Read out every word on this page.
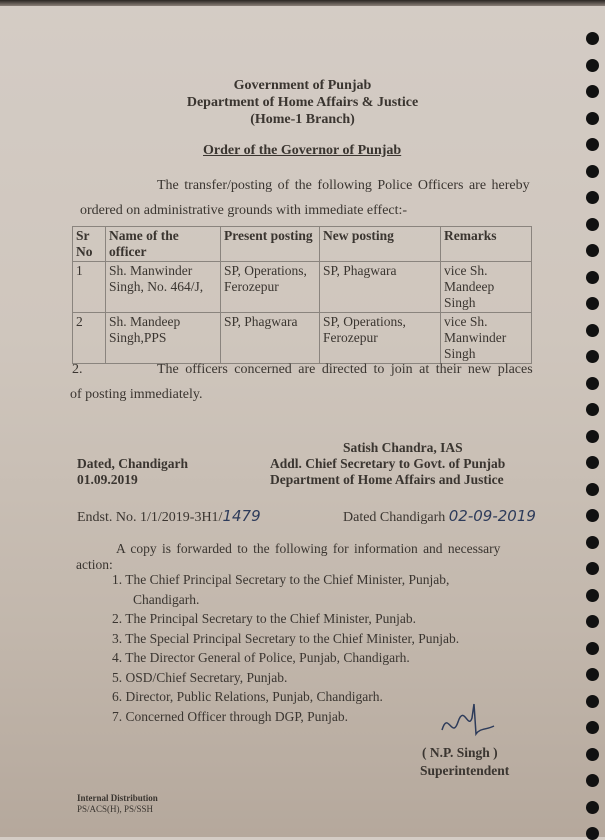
Government of Punjab
Department of Home Affairs & Justice
(Home-1 Branch)
Order of the Governor of Punjab
The transfer/posting of the following Police Officers are hereby
ordered on administrative grounds with immediate effect:-
Sr No	Name of the officer	Present posting	New posting	Remarks
1	Sh. Manwinder Singh, No. 464/J,	SP, Operations, Ferozepur	SP, Phagwara	vice Sh. Mandeep Singh
2	Sh. Mandeep Singh,PPS	SP, Phagwara	SP, Operations, Ferozepur	vice Sh. Manwinder Singh
2.	The officers concerned are directed to join at their new places
of posting immediately.
Satish Chandra, IAS
Addl. Chief Secretary to Govt. of Punjab
Department of Home Affairs and Justice
Dated, Chandigarh
01.09.2019
Endst. No. 1/1/2019-3H1/1479	Dated Chandigarh 02-09-2019
A copy is forwarded to the following for information and necessary
action:
1. The Chief Principal Secretary to the Chief Minister, Punjab,
Chandigarh.
2. The Principal Secretary to the Chief Minister, Punjab.
3. The Special Principal Secretary to the Chief Minister, Punjab.
4. The Director General of Police, Punjab, Chandigarh.
5. OSD/Chief Secretary, Punjab.
6. Director, Public Relations, Punjab, Chandigarh.
7. Concerned Officer through DGP, Punjab.
( N.P. Singh )
Superintendent
Internal Distribution
PS/ACS(H), PS/SSH
